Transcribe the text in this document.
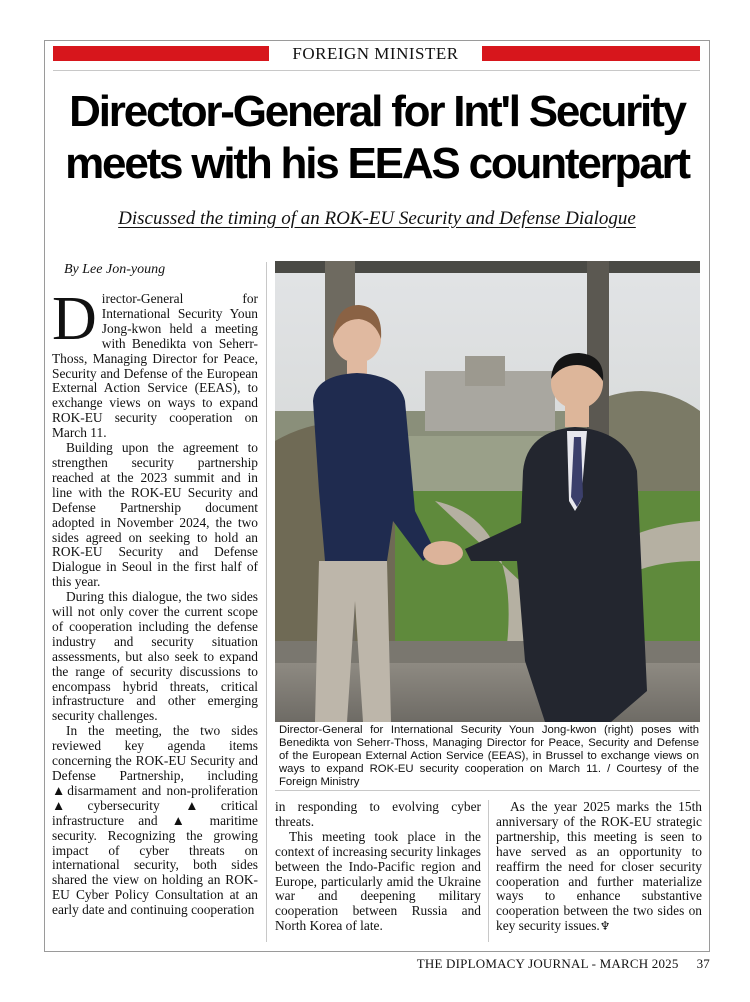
FOREIGN MINISTER
Director-General for Int'l Security
meets with his EEAS counterpart
Discussed the timing of an ROK-EU Security and Defense Dialogue
By Lee Jon-young

Director-General for International Security Youn Jong-kwon held a meeting with Benedikta von Seherr-Thoss, Managing Director for Peace, Security and Defense of the European External Action Service (EEAS), to exchange views on ways to expand ROK-EU security cooperation on March 11.

Building upon the agreement to strengthen security partnership reached at the 2023 summit and in line with the ROK-EU Security and Defense Partnership document adopted in November 2024, the two sides agreed on seeking to hold an ROK-EU Security and Defense Dialogue in Seoul in the first half of this year.

During this dialogue, the two sides will not only cover the current scope of cooperation including the defense industry and security situation assessments, but also seek to expand the range of security discussions to encompass hybrid threats, critical infrastructure and other emerging security challenges.

In the meeting, the two sides reviewed key agenda items concerning the ROK-EU Security and Defense Partnership, including ▲disarmament and non-proliferation ▲cybersecurity ▲critical infrastructure and ▲ maritime security. Recognizing the growing impact of cyber threats on international security, both sides shared the view on holding an ROK-EU Cyber Policy Consultation at an early date and continuing cooperation

Director-General for International Security Youn Jong-kwon (right) poses with Benedikta von Seherr-Thoss, Managing Director for Peace, Security and Defense of the European External Action Service (EEAS), in Brussel to exchange views on ways to expand ROK-EU security cooperation on March 11. / Courtesy of the Foreign Ministry

in responding to evolving cyber threats.

This meeting took place in the context of increasing security linkages between the Indo-Pacific region and Europe, particularly amid the Ukraine war and deepening military cooperation between Russia and North Korea of late.

As the year 2025 marks the 15th anniversary of the ROK-EU strategic partnership, this meeting is seen to have served as an opportunity to reaffirm the need for closer security cooperation and further materialize ways to enhance substantive cooperation between the two sides on key security issues.♆

THE DIPLOMACY JOURNAL - MARCH 2025 37
